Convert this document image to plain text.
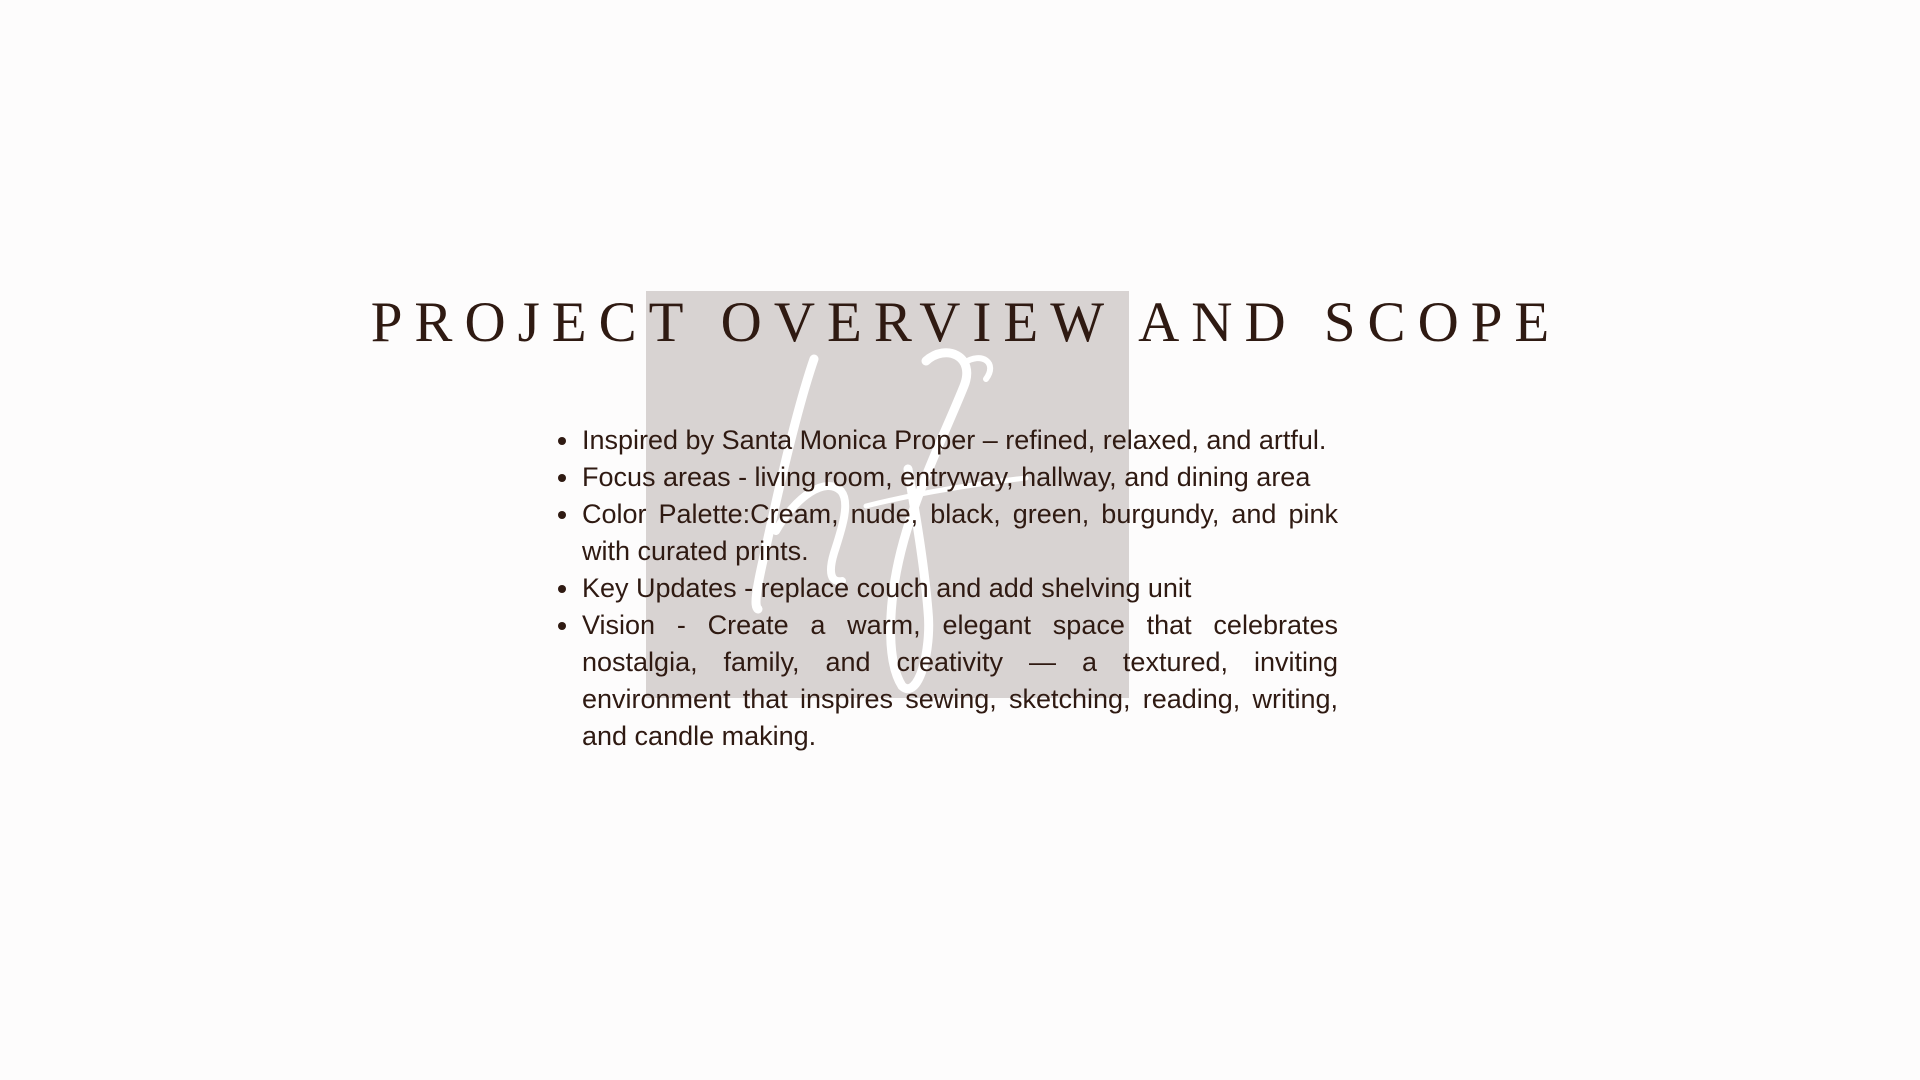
PROJECT OVERVIEW AND SCOPE
Inspired by Santa Monica Proper – refined, relaxed, and artful.
Focus areas - living room, entryway, hallway, and dining area
Color Palette:Cream, nude, black, green, burgundy, and pink with curated prints.
Key Updates - replace couch and add shelving unit
Vision - Create a warm, elegant space that celebrates nostalgia, family, and creativity — a textured, inviting environment that inspires sewing, sketching, reading, writing, and candle making.
